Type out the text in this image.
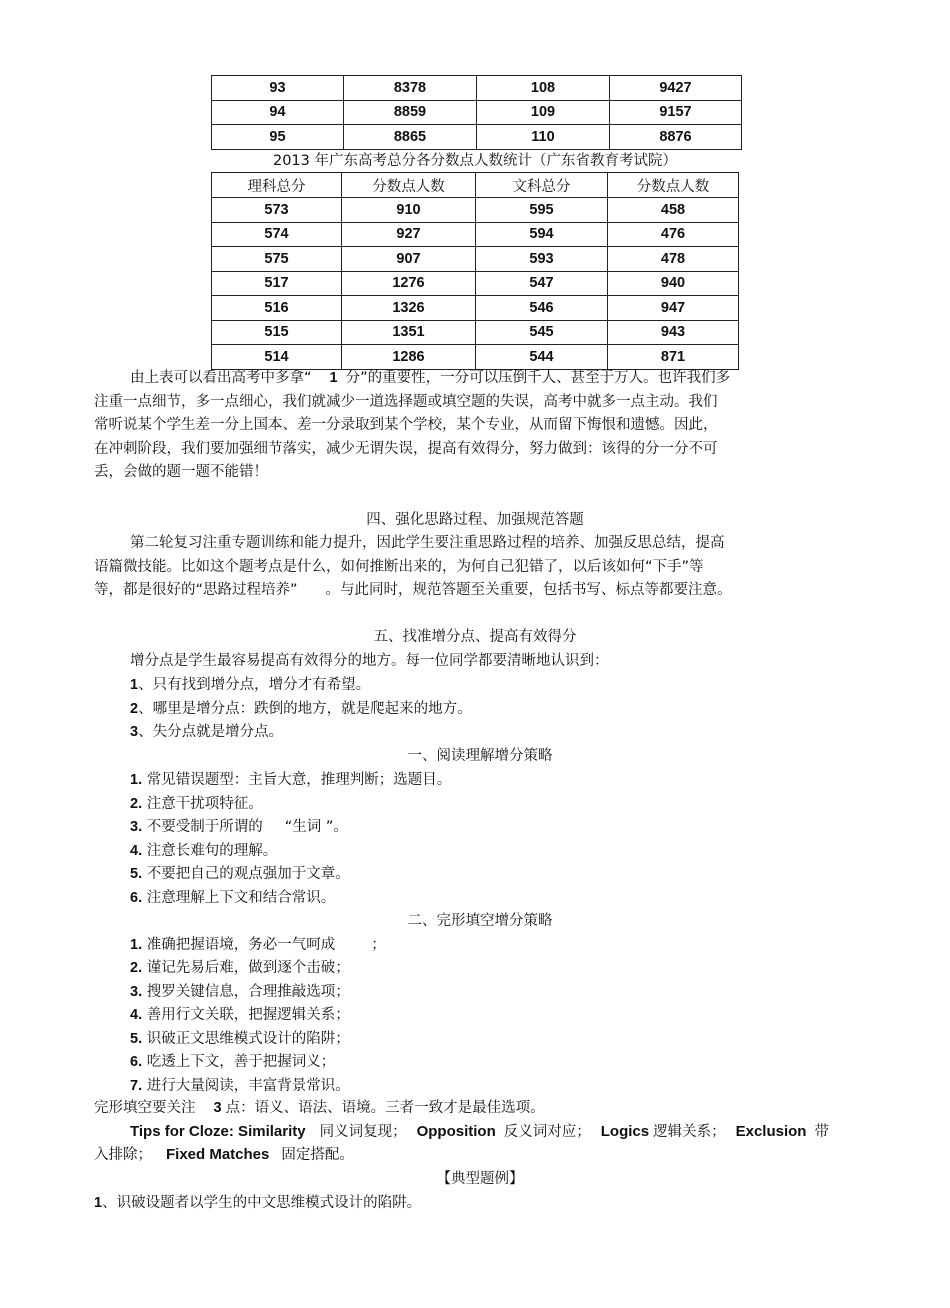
93	8378	108	9427
94	8859	109	9157
95	8865	110	8876
2013 年广东高考总分各分数点人数统计（广东省教育考试院）
理科总分	分数点人数	文科总分	分数点人数
573	910	595	458
574	927	594	476
575	907	593	478
517	1276	547	940
516	1326	546	947
515	1351	545	943
514	1286	544	871
由上表可以看出高考中多拿“ 1 分”的重要性，一分可以压倒千人、甚至于万人。也许我们多
注重一点细节，多一点细心，我们就减少一道选择题或填空题的失误，高考中就多一点主动。我们
常听说某个学生差一分上国本、差一分录取到某个学校，某个专业，从而留下悔恨和遗憾。因此，
在冲刺阶段，我们要加强细节落实，减少无谓失误，提高有效得分，努力做到：该得的分一分不可
丢，会做的题一题不能错！
四、强化思路过程、加强规范答题
第二轮复习注重专题训练和能力提升，因此学生要注重思路过程的培养、加强反思总结，提高
语篇微技能。比如这个题考点是什么，如何推断出来的，为何自己犯错了，以后该如何“下手”等
等，都是很好的“思路过程培养” 。与此同时，规范答题至关重要，包括书写、标点等都要注意。
五、找准增分点、提高有效得分
增分点是学生最容易提高有效得分的地方。每一位同学都要清晰地认识到：
1、只有找到增分点，增分才有希望。
2、哪里是增分点：跌倒的地方，就是爬起来的地方。
3、失分点就是增分点。
一、阅读理解增分策略
1. 常见错误题型：主旨大意，推理判断；选题目。
2. 注意干扰项特征。
3. 不要受制于所谓的 “生词 ”。
4. 注意长难句的理解。
5. 不要把自己的观点强加于文章。
6. 注意理解上下文和结合常识。
二、完形填空增分策略
1. 准确把握语境，务必一气呵成 ；
2. 谨记先易后难，做到逐个击破；
3. 搜罗关键信息，合理推敲选项；
4. 善用行文关联，把握逻辑关系；
5. 识破正文思维模式设计的陷阱；
6. 吃透上下文，善于把握词义；
7. 进行大量阅读，丰富背景常识。
完形填空要关注 3 点：语义、语法、语境。三者一致才是最佳选项。
Tips for Cloze: Similarity 同义词复现； Opposition 反义词对应； Logics 逻辑关系； Exclusion 带
入排除； Fixed Matches 固定搭配。
【典型题例】
1、识破设题者以学生的中文思维模式设计的陷阱。
